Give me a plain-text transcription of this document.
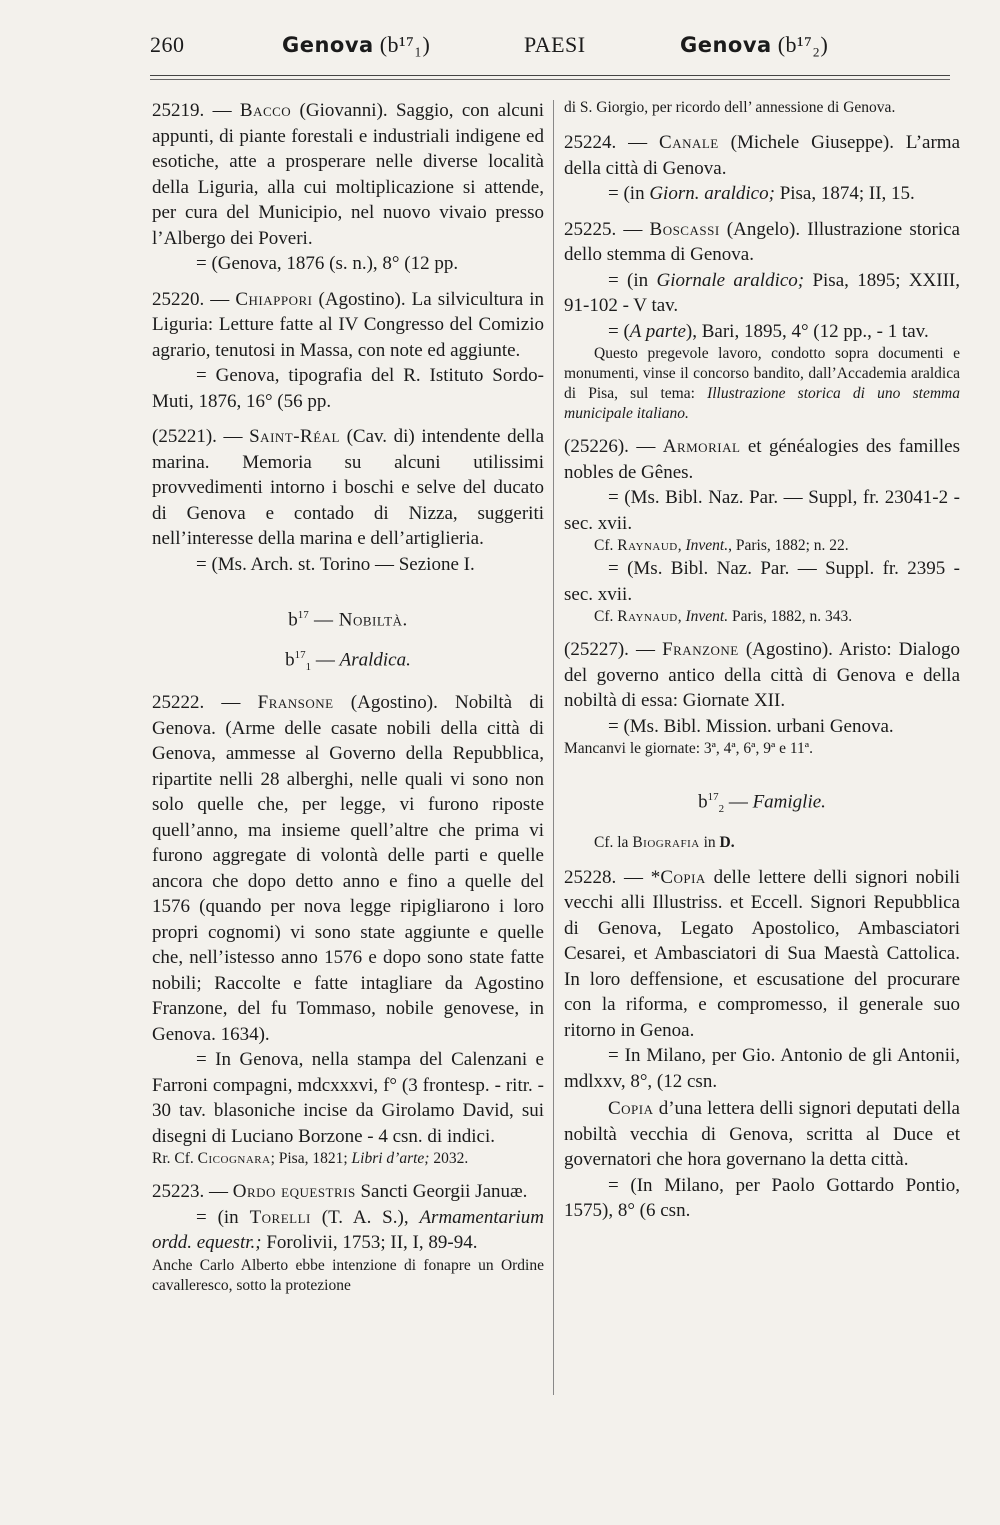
260	Genova (b¹⁷₁)	PAESI	Genova (b¹⁷₂)

25219. — Bacco (Giovanni). Saggio, con alcuni appunti, di piante forestali e industriali indigene ed esotiche, atte a prosperare nelle diverse località della Liguria, alla cui moltiplicazione si attende, per cura del Municipio, nel nuovo vivaio presso l’Albergo dei Poveri.

= (Genova, 1876 (s. n.), 8° (12 pp.

25220. — Chiappori (Agostino). La silvicultura in Liguria: Letture fatte al IV Congresso del Comizio agrario, tenutosi in Massa, con note ed aggiunte.

= Genova, tipografia del R. Istituto Sordo-Muti, 1876, 16° (56 pp.

(25221). — Saint-Réal (Cav. di) intendente della marina. Memoria su alcuni utilissimi provvedimenti intorno i boschi e selve del ducato di Genova e contado di Nizza, suggeriti nell’interesse della marina e dell’artiglieria.

= (Ms. Arch. st. Torino — Sezione I.

$b^{17}$ — Nobiltà.
$b^{17}_1$ — Araldica.

25222. — Fransone (Agostino). Nobiltà di Genova. (Arme delle casate nobili della città di Genova, ammesse al Governo della Repubblica, ripartite nelli 28 alberghi, nelle quali vi sono non solo quelle che, per legge, vi furono riposte quell’anno, ma insieme quell’altre che prima vi furono aggregate di volontà delle parti e quelle ancora che dopo detto anno e fino a quelle del 1576 (quando per nova legge ripigliarono i loro propri cognomi) vi sono state aggiunte e quelle che, nell’istesso anno 1576 e dopo sono state fatte nobili; Raccolte e fatte intagliare da Agostino Franzone, del fu Tommaso, nobile genovese, in Genova. 1634).

= In Genova, nella stampa del Calenzani e Farroni compagni, mdcxxxvi, f° (3 frontesp. - ritr. - 30 tav. blasoniche incise da Girolamo David, sui disegni di Luciano Borzone - 4 csn. di indici.

Rr. Cf. Cicognara; Pisa, 1821; Libri d’arte; 2032.

25223. — Ordo equestris Sancti Georgii Januæ.

= (in Torelli (T. A. S.), Armamentarium ordd. equestr.; Forolivii, 1753; II, I, 89-94.

Anche Carlo Alberto ebbe intenzione di fonapre un Ordine cavalleresco, sotto la protezione

di S. Giorgio, per ricordo dell’ annessione di Genova.

25224. — Canale (Michele Giuseppe). L’arma della città di Genova.

= (in Giorn. araldico; Pisa, 1874; II, 15.

25225. — Boscassi (Angelo). Illustrazione storica dello stemma di Genova.

= (in Giornale araldico; Pisa, 1895; XXIII, 91-102 - V tav.

= (A parte), Bari, 1895, 4° (12 pp., - 1 tav.

Questo pregevole lavoro, condotto sopra documenti e monumenti, vinse il concorso bandito, dall’Accademia araldica di Pisa, sul tema: Illustrazione storica di uno stemma municipale italiano.

(25226). — Armorial et généalogies des familles nobles de Gênes.

= (Ms. Bibl. Naz. Par. — Suppl, fr. 23041-2 - sec. xvii.

Cf. Raynaud, Invent., Paris, 1882; n. 22.

= (Ms. Bibl. Naz. Par. — Suppl. fr. 2395 - sec. xvii.

Cf. Raynaud, Invent. Paris, 1882, n. 343.

(25227). — Franzone (Agostino). Aristo: Dialogo del governo antico della città di Genova e della nobiltà di essa: Giornate XII.

= (Ms. Bibl. Mission. urbani Genova.

Mancanvi le giornate: 3ª, 4ª, 6ª, 9ª e 11ª.

$b^{17}_2$ — Famiglie.

Cf. la Biografia in D.

25228. — *Copia delle lettere delli signori nobili vecchi alli Illustriss. et Eccell. Signori Repubblica di Genova, Legato Apostolico, Ambasciatori Cesarei, et Ambasciatori di Sua Maestà Cattolica. In loro deffensione, et escusatione del procurare con la riforma, e compromesso, il generale suo ritorno in Genoa.

= In Milano, per Gio. Antonio de gli Antonii, mdlxxv, 8°, (12 csn.

Copia d’una lettera delli signori deputati della nobiltà vecchia di Genova, scritta al Duce et governatori che hora governano la detta città.

= (In Milano, per Paolo Gottardo Pontio, 1575), 8° (6 csn.
